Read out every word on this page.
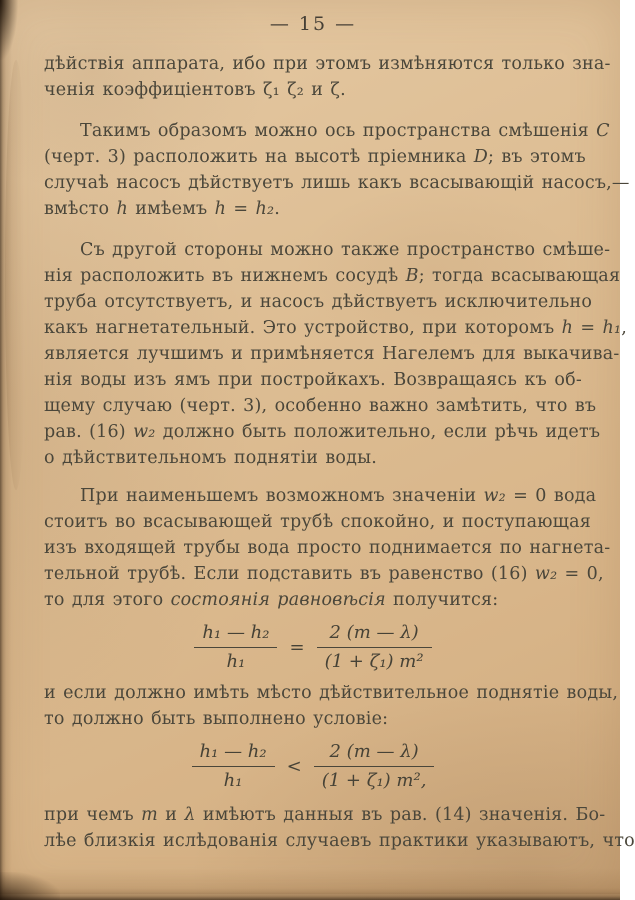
— 15 —
дѣйствія аппарата, ибо при этомъ измѣняются только зна-
ченія коэффиціентовъ ζ₁ ζ₂ и ζ.
Такимъ образомъ можно ось пространства смѣшенія C
(черт. 3) расположить на высотѣ пріемника D; въ этомъ
случаѣ насосъ дѣйствуетъ лишь какъ всасывающій насосъ,—
вмѣсто h имѣемъ h = h₂.
Съ другой стороны можно также пространство смѣше-
нія расположить въ нижнемъ сосудѣ B; тогда всасывающая
труба отсутствуетъ, и насосъ дѣйствуетъ исключительно
какъ нагнетательный. Это устройство, при которомъ h = h₁,
является лучшимъ и примѣняется Нагелемъ для выкачива-
нія воды изъ ямъ при постройкахъ. Возвращаясь къ об-
щему случаю (черт. 3), особенно важно замѣтить, что въ
рав. (16) w₂ должно быть положительно, если рѣчь идетъ
о дѣйствительномъ поднятіи воды.
При наименьшемъ возможномъ значеніи w₂ = 0 вода
стоитъ во всасывающей трубѣ спокойно, и поступающая
изъ входящей трубы вода просто поднимается по нагнета-
тельной трубѣ. Если подставить въ равенство (16) w₂ = 0,
то для этого состоянія равновѣсія получится:
$\frac{\text{h₁ — h₂}}{\text{h₁}} = \frac{2 (m — \lambda)}{\text{(1 + ζ₁) m²}}$
и если должно имѣть мѣсто дѣйствительное поднятіе воды,
то должно быть выполнено условіе:
$\frac{\text{h₁ — h₂}}{\text{h₁}} < \frac{2 (m — \lambda)}{\text{(1 + ζ₁) m²,}}$
при чемъ m и λ имѣютъ данныя въ рав. (14) значенія. Бо-
лѣе близкія ислѣдованія случаевъ практики указываютъ, что
